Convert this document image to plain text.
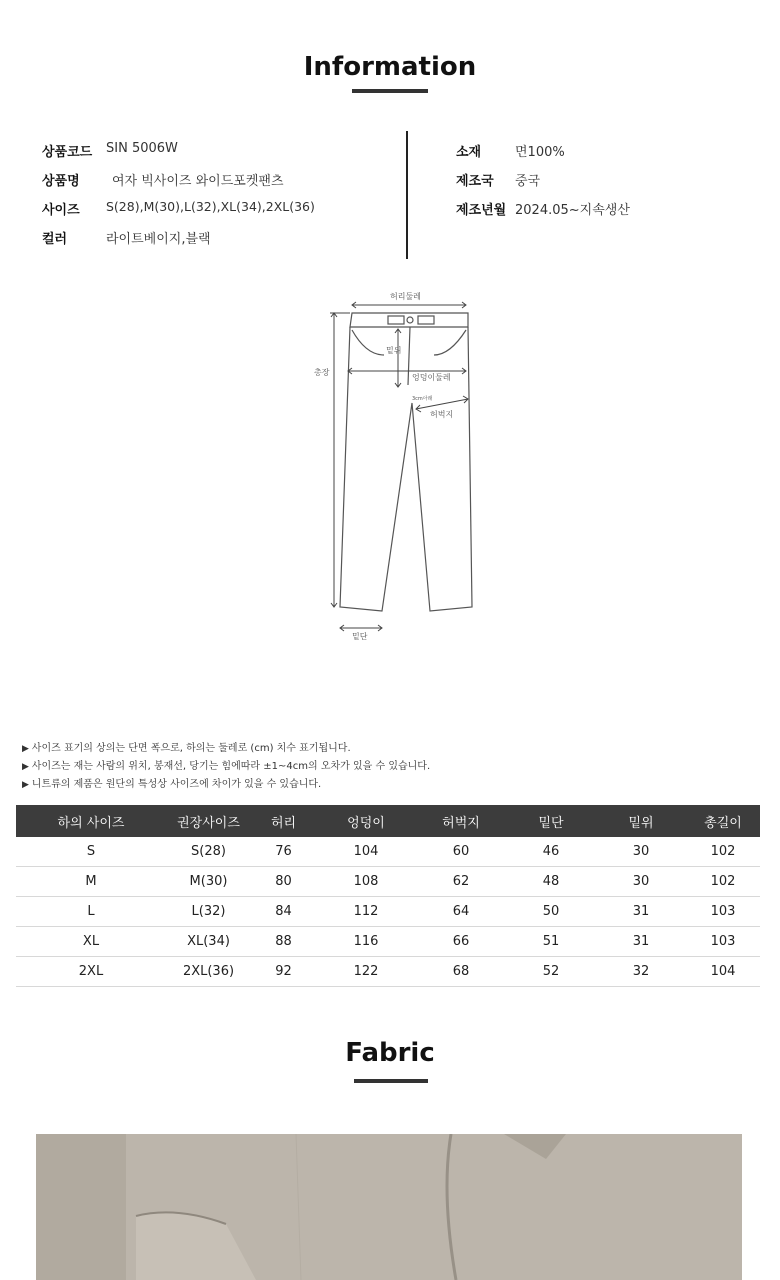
Information
상품코드	SIN 5006W
상품명	여자 빅사이즈 와이드포켓팬츠
사이즈	S(28),M(30),L(32),XL(34),2XL(36)
컬러	라이트베이지,블랙
소재	면100%
제조국	중국
제조년월 2024.05~지속생산
허리둘레
총장
밑위
엉덩이둘레
3cm아래
허벅지
밑단
▶ 사이즈 표기의 상의는 단면 폭으로, 하의는 둘레로 (cm) 치수 표기됩니다.
▶ 사이즈는 재는 사람의 위치, 봉재선, 당기는 힘에따라 ±1~4cm의 오차가 있을 수 있습니다.
▶ 니트류의 제품은 원단의 특성상 사이즈에 차이가 있을 수 있습니다.
하의 사이즈	권장사이즈	허리	엉덩이	허벅지	밑단	밑위	총길이
S	S(28)	76	104	60	46	30	102
M	M(30)	80	108	62	48	30	102
L	L(32)	84	112	64	50	31	103
XL	XL(34)	88	116	66	51	31	103
2XL	2XL(36)	92	122	68	52	32	104
Fabric
